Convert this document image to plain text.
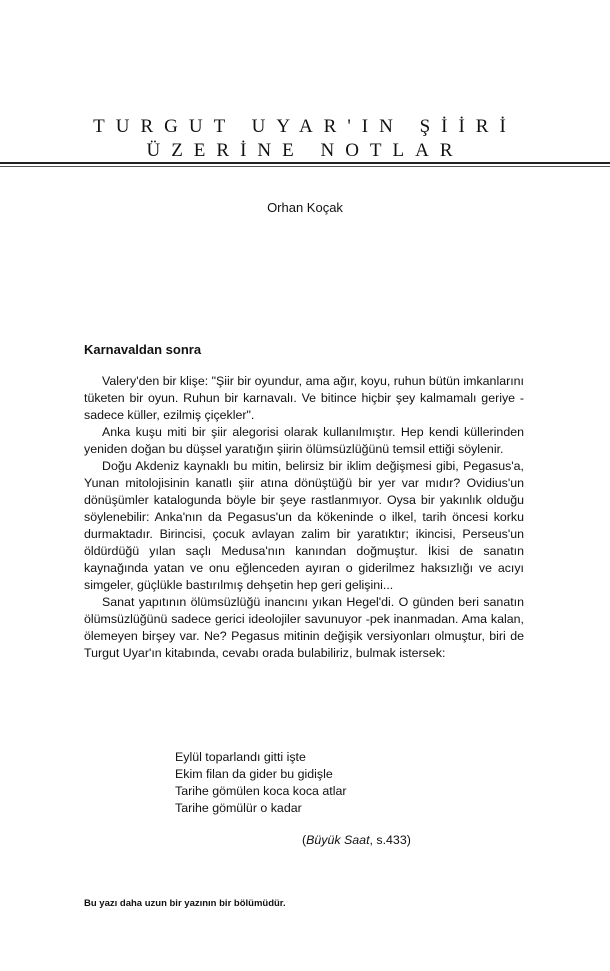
TURGUT UYAR'IN ŞİİRİ
ÜZERİNE NOTLAR
Orhan Koçak
Karnavaldan sonra

Valery'den bir klişe: "Şiir bir oyundur, ama ağır, koyu, ruhun bütün imkanlarını tüketen bir oyun. Ruhun bir karnavalı. Ve bitince hiçbir şey kalmamalı geriye -sadece küller, ezilmiş çiçekler".

Anka kuşu miti bir şiir alegorisi olarak kullanılmıştır. Hep kendi küllerinden yeniden doğan bu düşsel yaratığın şiirin ölümsüzlüğünü temsil ettiği söylenir.

Doğu Akdeniz kaynaklı bu mitin, belirsiz bir iklim değişmesi gibi, Pegasus'a, Yunan mitolojisinin kanatlı şiir atına dönüştüğü bir yer var mıdır? Ovidius'un dönüşümler katalogunda böyle bir şeye rastlanmıyor. Oysa bir yakınlık olduğu söylenebilir: Anka'nın da Pegasus'un da kökeninde o ilkel, tarih öncesi korku durmaktadır. Birincisi, çocuk avlayan zalim bir yaratıktır; ikincisi, Perseus'un öldürdüğü yılan saçlı Medusa'nın kanından doğmuştur. İkisi de sanatın kaynağında yatan ve onu eğlenceden ayıran o giderilmez haksızlığı ve acıyı simgeler, güçlükle bastırılmış dehşetin hep geri gelişini...

Sanat yapıtının ölümsüzlüğü inancını yıkan Hegel'di. O günden beri sanatın ölümsüzlüğünü sadece gerici ideolojiler savunuyor -pek inanmadan. Ama kalan, ölemeyen birşey var. Ne? Pegasus mitinin değişik versiyonları olmuştur, biri de Turgut Uyar'ın kitabında, cevabı orada bulabiliriz, bulmak istersek:

Eylül toparlandı gitti işte
Ekim filan da gider bu gidişle
Tarihe gömülen koca koca atlar
Tarihe gömülür o kadar
(Büyük Saat, s.433)
Bu yazı daha uzun bir yazının bir bölümüdür.
